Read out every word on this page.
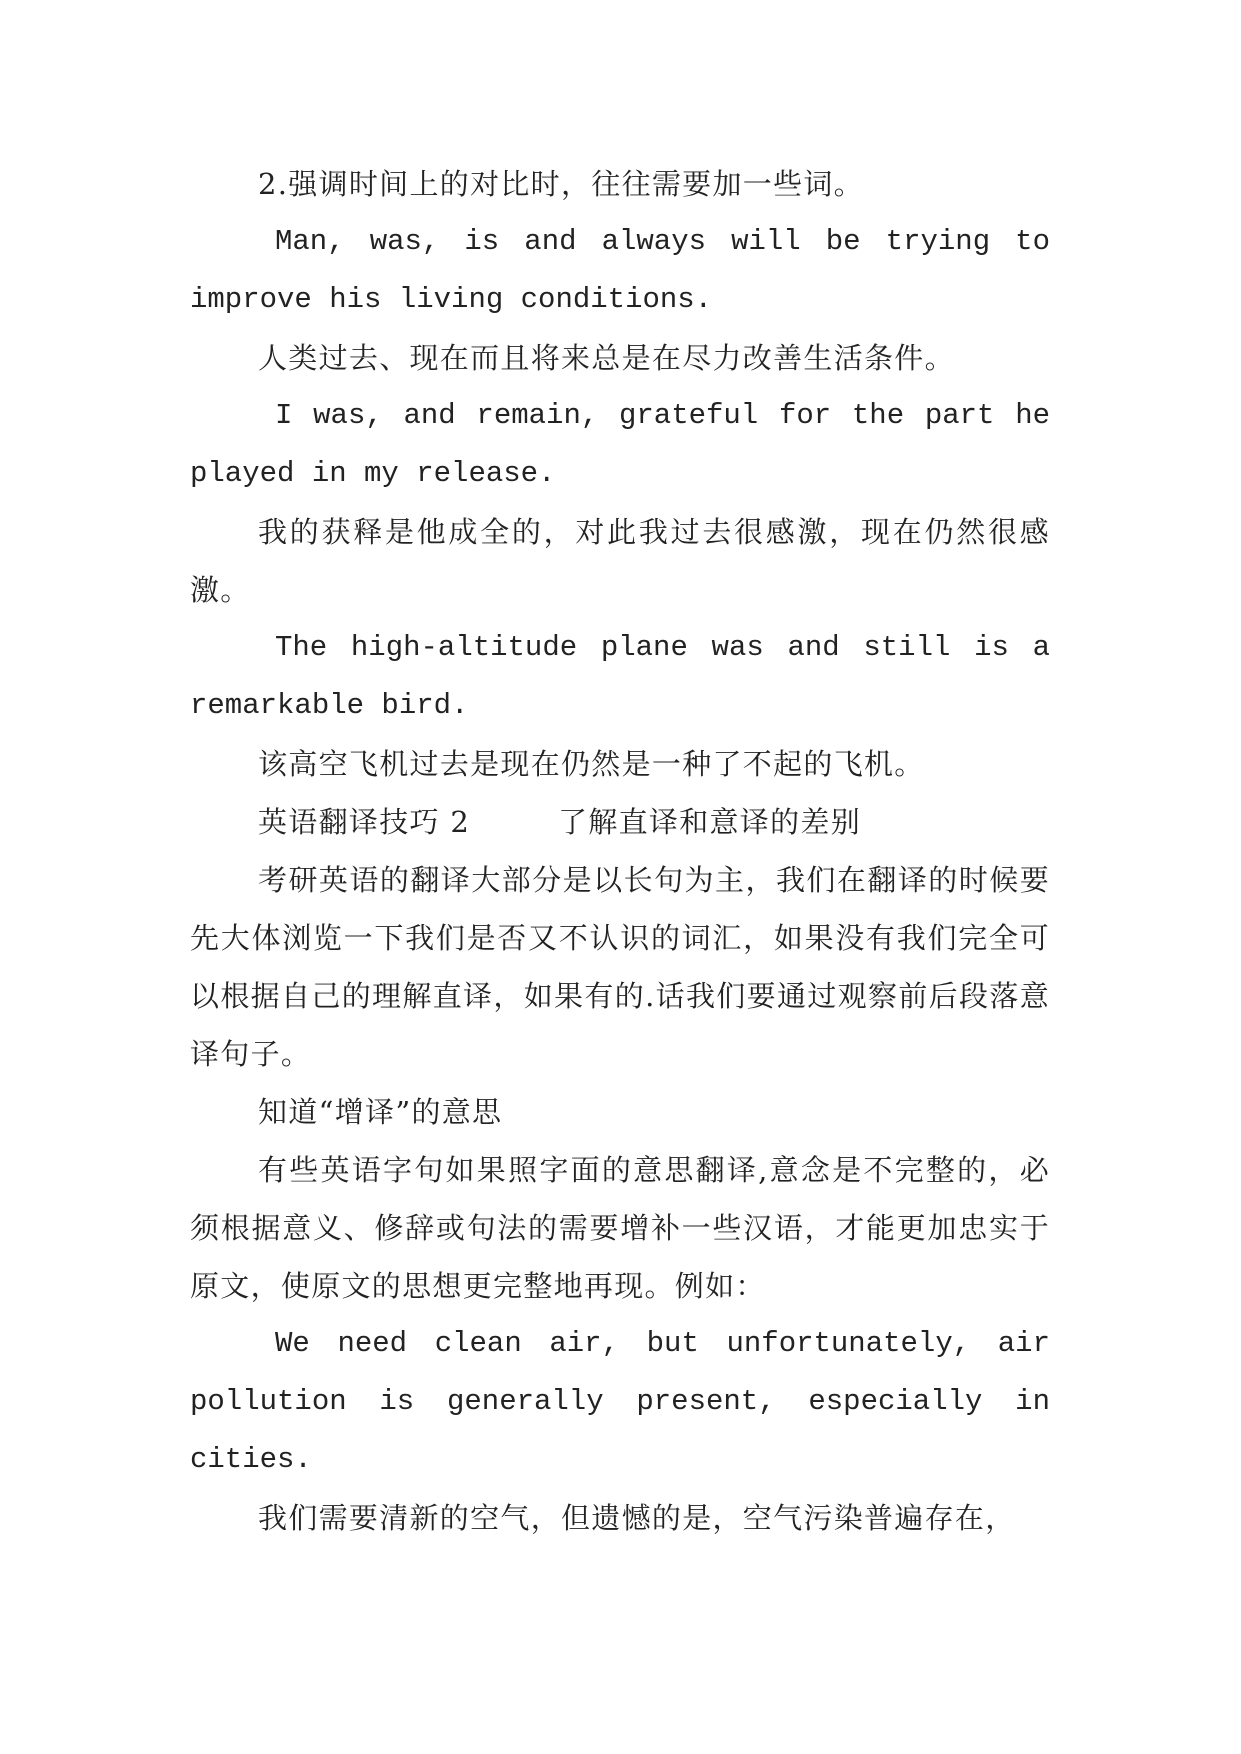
2.强调时间上的对比时，往往需要加一些词。

Man, was, is and always will be trying to improve his living conditions.

人类过去、现在而且将来总是在尽力改善生活条件。

I was, and remain, grateful for the part he played in my release.

我的获释是他成全的，对此我过去很感激，现在仍然很感激。

The high-altitude plane was and still is a remarkable bird.

该高空飞机过去是现在仍然是一种了不起的飞机。

英语翻译技巧 2	了解直译和意译的差别

考研英语的翻译大部分是以长句为主，我们在翻译的时候要先大体浏览一下我们是否又不认识的词汇，如果没有我们完全可以根据自己的理解直译，如果有的.话我们要通过观察前后段落意译句子。

知道“增译”的意思

有些英语字句如果照字面的意思翻译,意念是不完整的，必须根据意义、修辞或句法的需要增补一些汉语，才能更加忠实于原文，使原文的思想更完整地再现。例如：

We need clean air, but unfortunately, air pollution is generally present, especially in cities.

我们需要清新的空气，但遗憾的是，空气污染普遍存在，
